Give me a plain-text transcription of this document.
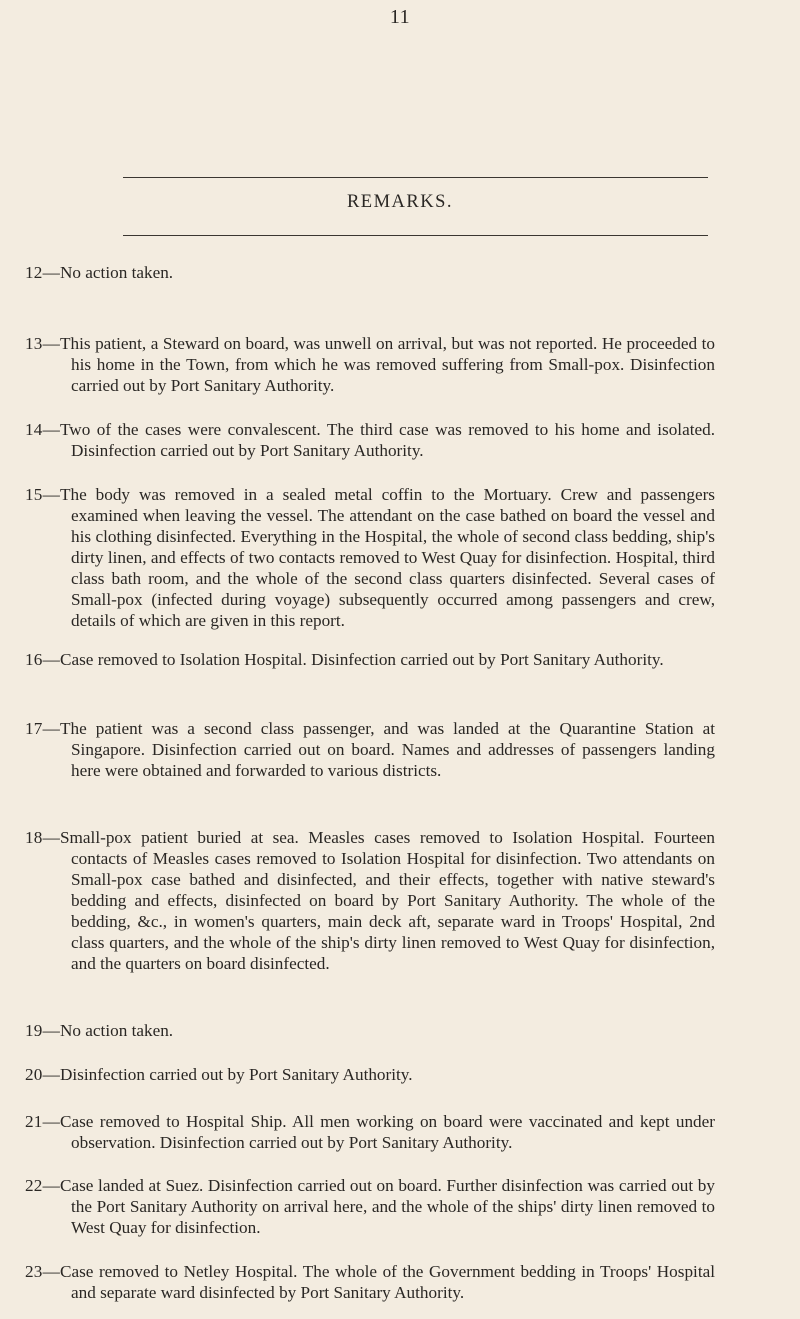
11
REMARKS.

12—No action taken.

13—This patient, a Steward on board, was unwell on arrival, but was not reported. He proceeded to his home in the Town, from which he was removed suffering from Small-pox. Disinfection carried out by Port Sanitary Authority.

14—Two of the cases were convalescent. The third case was removed to his home and isolated. Disinfection carried out by Port Sanitary Authority.

15—The body was removed in a sealed metal coffin to the Mortuary. Crew and passengers examined when leaving the vessel. The attendant on the case bathed on board the vessel and his clothing disinfected. Everything in the Hospital, the whole of second class bedding, ship's dirty linen, and effects of two contacts removed to West Quay for disinfection. Hospital, third class bath room, and the whole of the second class quarters disinfected. Several cases of Small-pox (infected during voyage) subsequently occurred among passengers and crew, details of which are given in this report.

16—Case removed to Isolation Hospital. Disinfection carried out by Port Sanitary Authority.

17—The patient was a second class passenger, and was landed at the Quarantine Station at Singapore. Disinfection carried out on board. Names and addresses of passengers landing here were obtained and forwarded to various districts.

18—Small-pox patient buried at sea. Measles cases removed to Isolation Hospital. Fourteen contacts of Measles cases removed to Isolation Hospital for disinfection. Two attendants on Small-pox case bathed and disinfected, and their effects, together with native steward's bedding and effects, disinfected on board by Port Sanitary Authority. The whole of the bedding, &c., in women's quarters, main deck aft, separate ward in Troops' Hospital, 2nd class quarters, and the whole of the ship's dirty linen removed to West Quay for disinfection, and the quarters on board disinfected.

19—No action taken.

20—Disinfection carried out by Port Sanitary Authority.

21—Case removed to Hospital Ship. All men working on board were vaccinated and kept under observation. Disinfection carried out by Port Sanitary Authority.

22—Case landed at Suez. Disinfection carried out on board. Further disinfection was carried out by the Port Sanitary Authority on arrival here, and the whole of the ships' dirty linen removed to West Quay for disinfection.

23—Case removed to Netley Hospital. The whole of the Government bedding in Troops' Hospital and separate ward disinfected by Port Sanitary Authority.
